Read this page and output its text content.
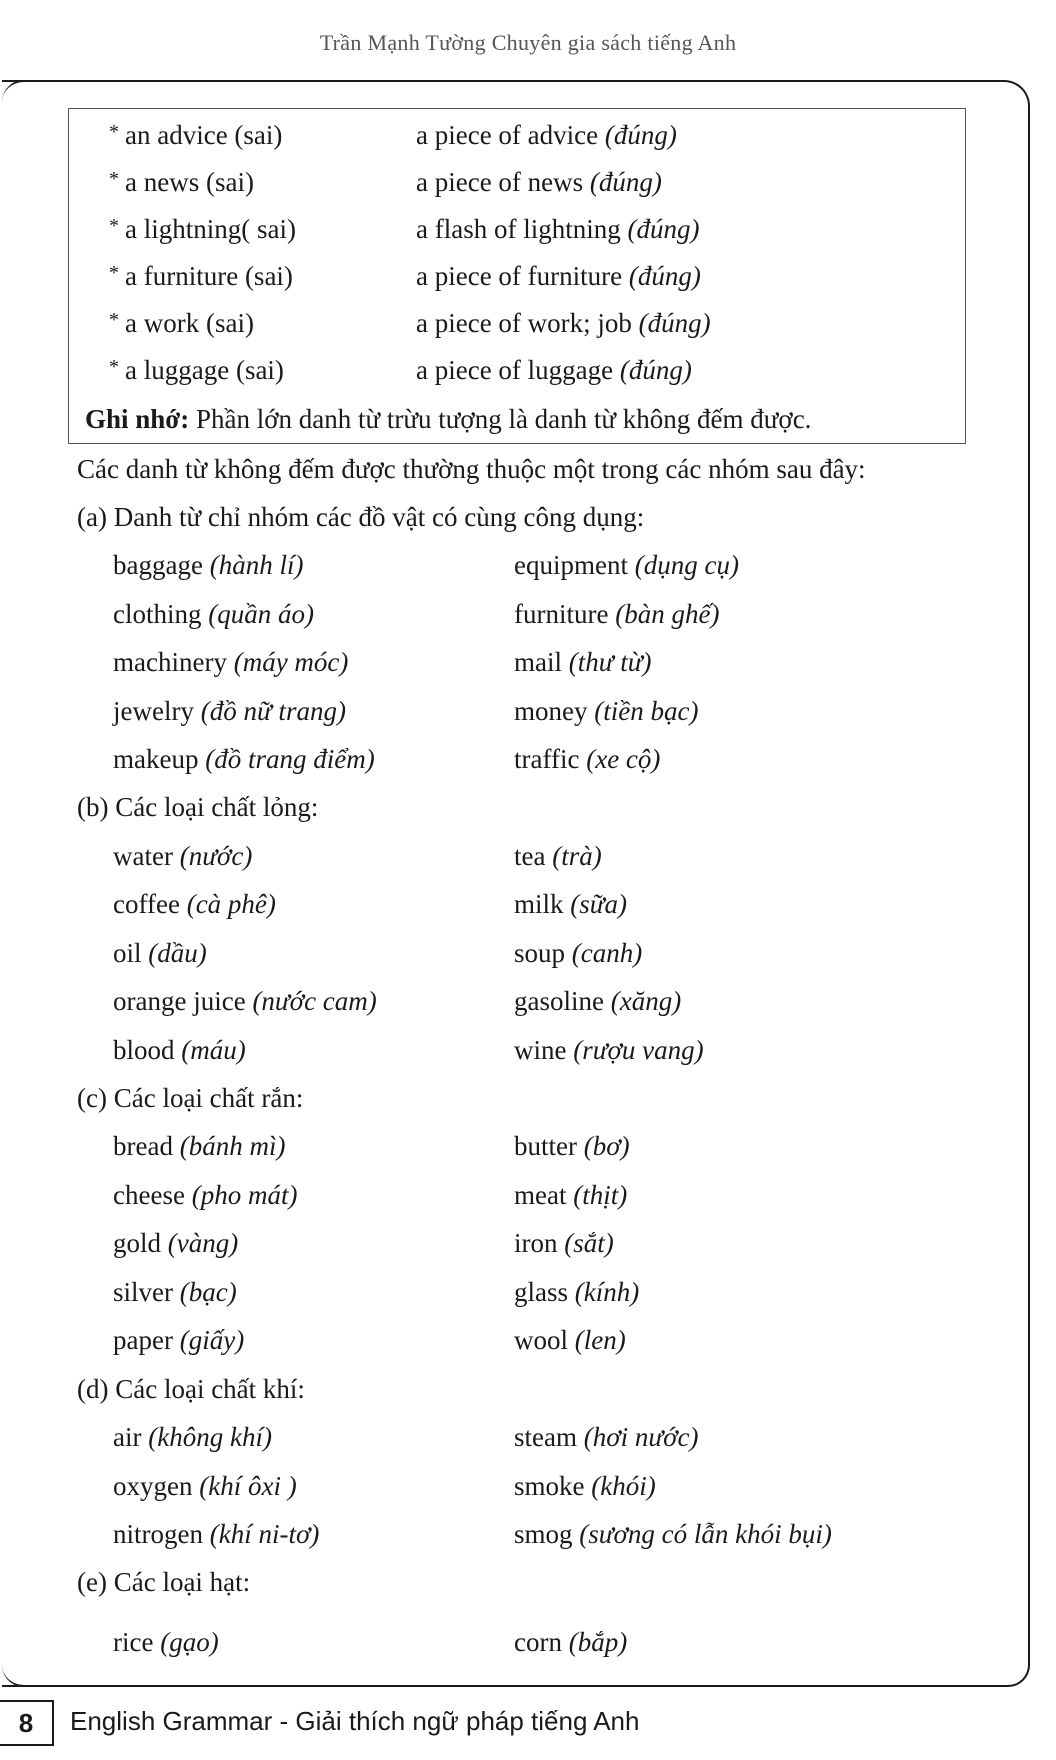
Trần Mạnh Tường Chuyên gia sách tiếng Anh
* an advice (sai)	a piece of advice (đúng)
* a news (sai)	a piece of news (đúng)
* a lightning( sai)	a flash of lightning (đúng)
* a furniture (sai)	a piece of furniture (đúng)
* a work (sai)	a piece of work; job (đúng)
* a luggage (sai)	a piece of luggage (đúng)
Ghi nhớ: Phần lớn danh từ trừu tượng là danh từ không đếm được.
Các danh từ không đếm được thường thuộc một trong các nhóm sau đây:
(a) Danh từ chỉ nhóm các đồ vật có cùng công dụng:
baggage (hành lí)	equipment (dụng cụ)
clothing (quần áo)	furniture (bàn ghế)
machinery (máy móc)	mail (thư từ)
jewelry (đồ nữ trang)	money (tiền bạc)
makeup (đồ trang điểm)	traffic (xe cộ)
(b) Các loại chất lỏng:
water (nước)	tea (trà)
coffee (cà phê)	milk (sữa)
oil (dầu)	soup (canh)
orange juice (nước cam)	gasoline (xăng)
blood (máu)	wine (rượu vang)
(c) Các loại chất rắn:
bread (bánh mì)	butter (bơ)
cheese (pho mát)	meat (thịt)
gold (vàng)	iron (sắt)
silver (bạc)	glass (kính)
paper (giấy)	wool (len)
(d) Các loại chất khí:
air (không khí)	steam (hơi nước)
oxygen (khí ôxi )	smoke (khói)
nitrogen (khí ni-tơ)	smog (sương có lẫn khói bụi)
(e) Các loại hạt:
rice (gạo)	corn (bắp)
8	English Grammar - Giải thích ngữ pháp tiếng Anh
